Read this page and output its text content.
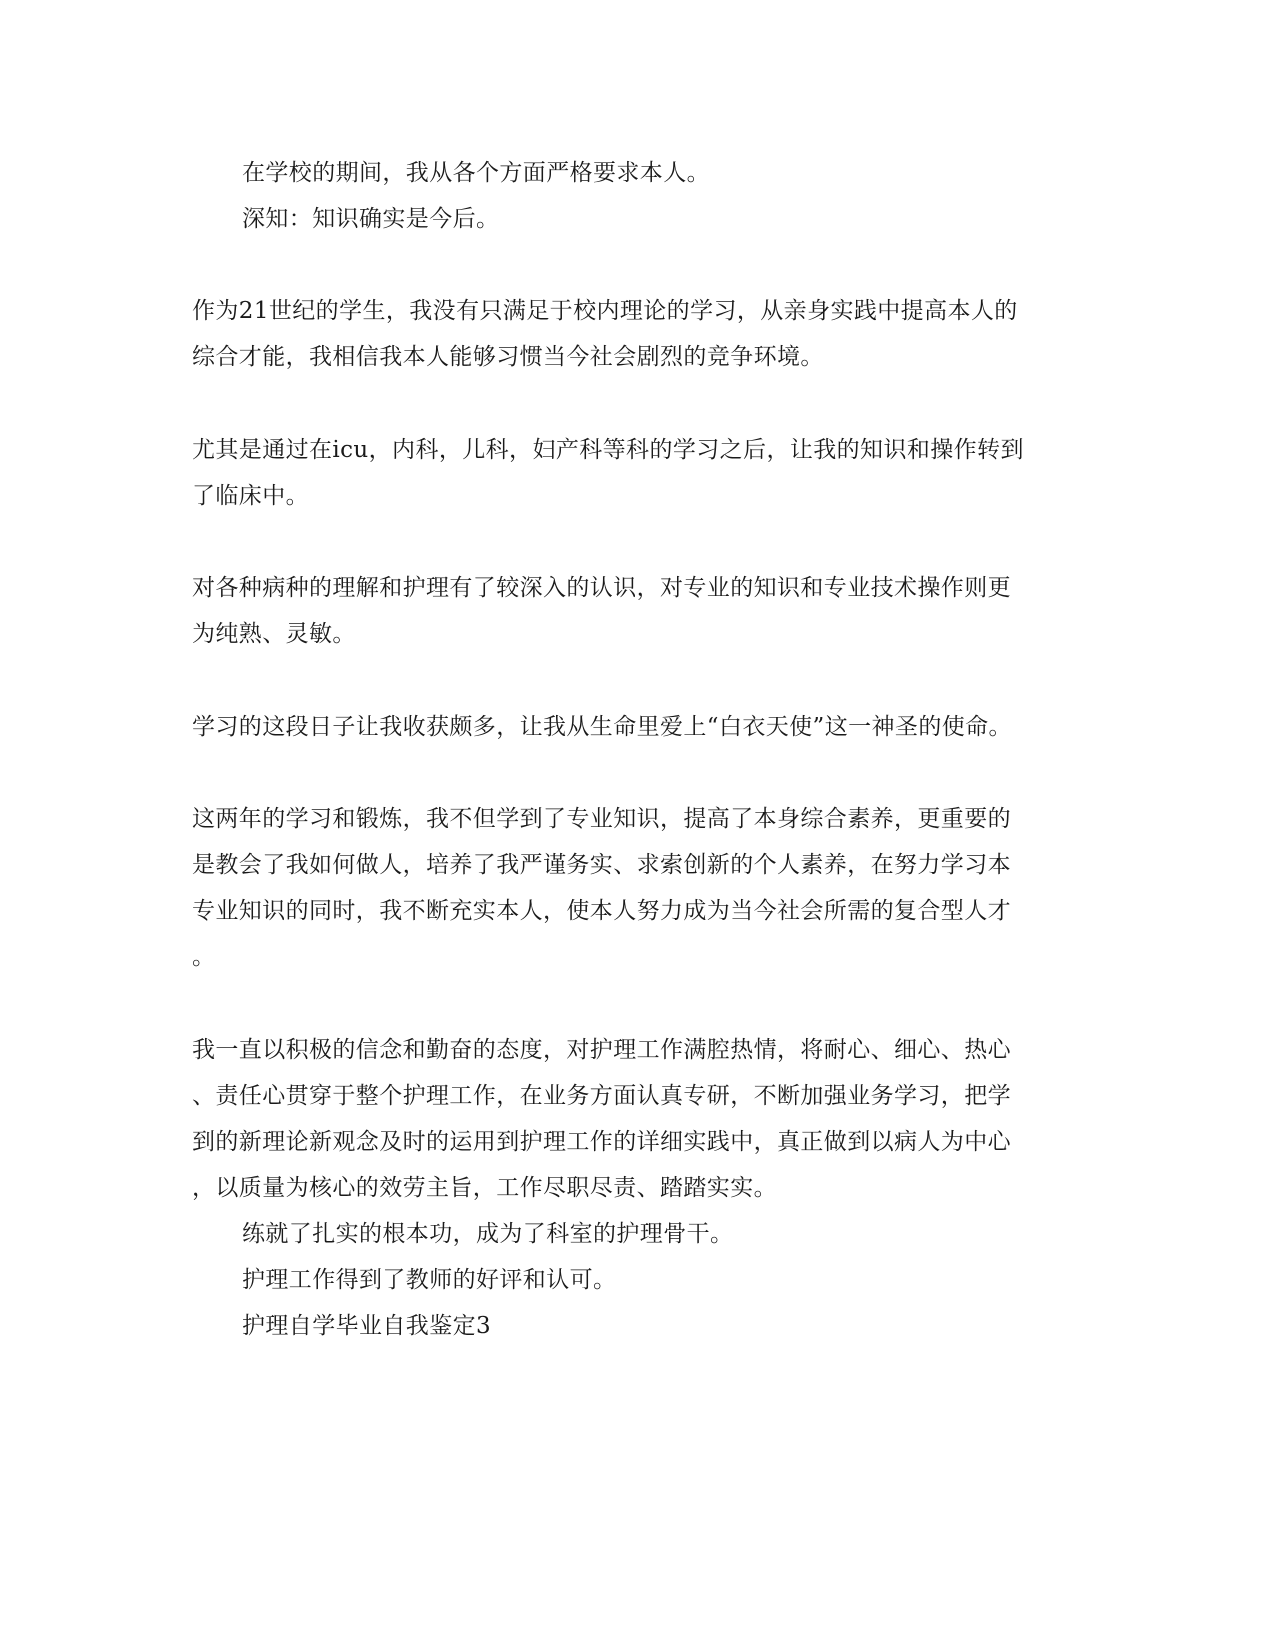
在学校的期间，我从各个方面严格要求本人。
深知：知识确实是今后。
作为21世纪的学生，我没有只满足于校内理论的学习，从亲身实践中提高本人的
综合才能，我相信我本人能够习惯当今社会剧烈的竞争环境。
尤其是通过在icu，内科，儿科，妇产科等科的学习之后，让我的知识和操作转到
了临床中。
对各种病种的理解和护理有了较深入的认识，对专业的知识和专业技术操作则更
为纯熟、灵敏。
学习的这段日子让我收获颇多，让我从生命里爱上“白衣天使”这一神圣的使命。
这两年的学习和锻炼，我不但学到了专业知识，提高了本身综合素养，更重要的
是教会了我如何做人，培养了我严谨务实、求索创新的个人素养，在努力学习本
专业知识的同时，我不断充实本人，使本人努力成为当今社会所需的复合型人才
。
我一直以积极的信念和勤奋的态度，对护理工作满腔热情，将耐心、细心、热心
、责任心贯穿于整个护理工作，在业务方面认真专研，不断加强业务学习，把学
到的新理论新观念及时的运用到护理工作的详细实践中，真正做到以病人为中心
，以质量为核心的效劳主旨，工作尽职尽责、踏踏实实。
练就了扎实的根本功，成为了科室的护理骨干。
护理工作得到了教师的好评和认可。
护理自学毕业自我鉴定3
